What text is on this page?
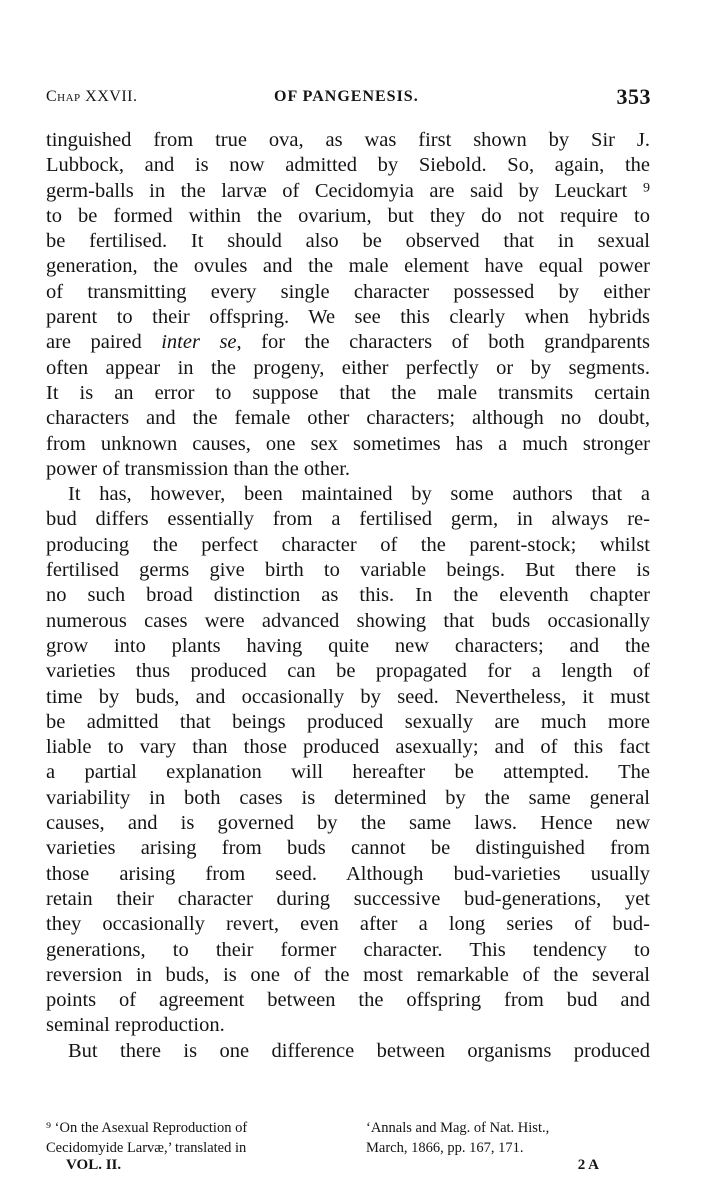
Chap XXVII.	OF PANGENESIS.	353
tinguished from true ova, as was first shown by Sir J.
Lubbock, and is now admitted by Siebold. So, again, the
germ-balls in the larvæ of Cecidomyia are said by Leuckart ⁹
to be formed within the ovarium, but they do not require to
be fertilised. It should also be observed that in sexual
generation, the ovules and the male element have equal power
of transmitting every single character possessed by either
parent to their offspring. We see this clearly when hybrids
are paired inter se, for the characters of both grandparents
often appear in the progeny, either perfectly or by segments.
It is an error to suppose that the male transmits certain
characters and the female other characters; although no doubt,
from unknown causes, one sex sometimes has a much stronger
power of transmission than the other.
It has, however, been maintained by some authors that a
bud differs essentially from a fertilised germ, in always re-
producing the perfect character of the parent-stock; whilst
fertilised germs give birth to variable beings. But there is
no such broad distinction as this. In the eleventh chapter
numerous cases were advanced showing that buds occasionally
grow into plants having quite new characters; and the
varieties thus produced can be propagated for a length of
time by buds, and occasionally by seed. Nevertheless, it must
be admitted that beings produced sexually are much more
liable to vary than those produced asexually; and of this fact
a partial explanation will hereafter be attempted. The
variability in both cases is determined by the same general
causes, and is governed by the same laws. Hence new
varieties arising from buds cannot be distinguished from
those arising from seed. Although bud-varieties usually
retain their character during successive bud-generations, yet
they occasionally revert, even after a long series of bud-
generations, to their former character. This tendency to
reversion in buds, is one of the most remarkable of the several
points of agreement between the offspring from bud and
seminal reproduction.
But there is one difference between organisms produced
⁹ ‘On the Asexual Reproduction of
Cecidomyide Larvæ,’ translated in
‘Annals and Mag. of Nat. Hist.,
March, 1866, pp. 167, 171.
VOL. II.	2 A
